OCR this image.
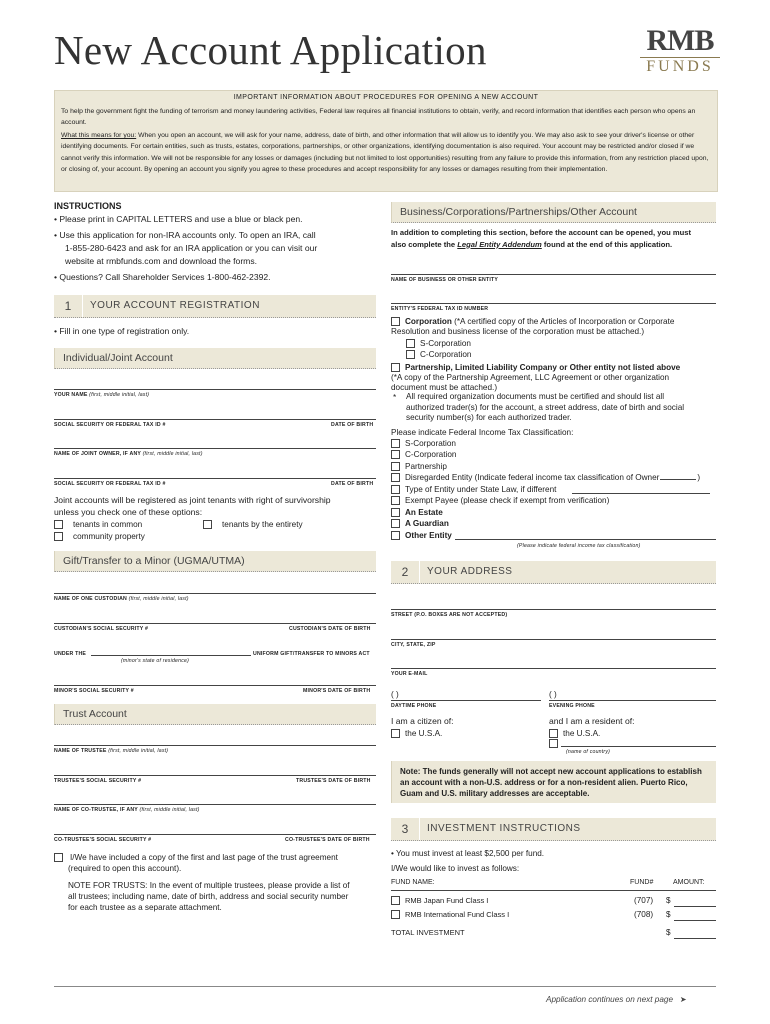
New Account Application	RMB
FUNDS
IMPORTANT INFORMATION ABOUT PROCEDURES FOR OPENING A NEW ACCOUNT
To help the government fight the funding of terrorism and money laundering activities, Federal law requires all financial institutions to obtain, verify, and record information that identifies each person who opens an account.
What this means for you: When you open an account, we will ask for your name, address, date of birth, and other information that will allow us to identify you. We may also ask to see your driver's license or other identifying documents. For certain entities, such as trusts, estates, corporations, partnerships, or other organizations, identifying documentation is also required. Your account may be restricted and/or closed if we cannot verify this information. We will not be responsible for any losses or damages (including but not limited to lost opportunities) resulting from any failure to provide this information, from any restriction placed upon, or closing of, your account. By opening an account you signify you agree to these procedures and accept responsibility for any losses or damages resulting from their implementation.
INSTRUCTIONS
• Please print in CAPITAL LETTERS and use a blue or black pen.
• Use this application for non-IRA accounts only. To open an IRA, call
1-855-280-6423 and ask for an IRA application or you can visit our
website at rmbfunds.com and download the forms.
• Questions? Call Shareholder Services 1-800-462-2392.
1	YOUR ACCOUNT REGISTRATION
• Fill in one type of registration only.
Individual/Joint Account
YOUR NAME (first, middle initial, last)
SOCIAL SECURITY OR FEDERAL TAX ID #	DATE OF BIRTH
NAME OF JOINT OWNER, IF ANY (first, middle initial, last)
SOCIAL SECURITY OR FEDERAL TAX ID #	DATE OF BIRTH
Joint accounts will be registered as joint tenants with right of survivorship
unless you check one of these options:
tenants in common	tenants by the entirety
community property
Gift/Transfer to a Minor (UGMA/UTMA)
NAME OF ONE CUSTODIAN (first, middle initial, last)
CUSTODIAN'S SOCIAL SECURITY #	CUSTODIAN'S DATE OF BIRTH
UNDER THE	UNIFORM GIFT/TRANSFER TO MINORS ACT
(minor's state of residence)
MINOR'S SOCIAL SECURITY #	MINOR'S DATE OF BIRTH
Trust Account
NAME OF TRUSTEE (first, middle initial, last)
TRUSTEE'S SOCIAL SECURITY #	TRUSTEE'S DATE OF BIRTH
NAME OF CO-TRUSTEE, IF ANY (first, middle initial, last)
CO-TRUSTEE'S SOCIAL SECURITY #	CO-TRUSTEE'S DATE OF BIRTH
I/We have included a copy of the first and last page of the trust agreement
(required to open this account).
NOTE FOR TRUSTS: In the event of multiple trustees, please provide a list of
all trustees; including name, date of birth, address and social security number
for each trustee as a separate attachment.
Business/Corporations/Partnerships/Other Account
In addition to completing this section, before the account can be opened, you must
also complete the Legal Entity Addendum found at the end of this application.
NAME OF BUSINESS OR OTHER ENTITY
ENTITY'S FEDERAL TAX ID NUMBER
Corporation (*A certified copy of the Articles of Incorporation or Corporate
Resolution and business license of the corporation must be attached.)
S-Corporation
C-Corporation
Partnership, Limited Liability Company or Other entity not listed above
(*A copy of the Partnership Agreement, LLC Agreement or other organization
document must be attached.)
* All required organization documents must be certified and should list all
authorized trader(s) for the account, a street address, date of birth and social
security number(s) for each authorized trader.
Please indicate Federal Income Tax Classification:
S-Corporation
C-Corporation
Partnership
Disregarded Entity (Indicate federal income tax classification of Owner	)
Type of Entity under State Law, if different
Exempt Payee (please check if exempt from verification)
An Estate
A Guardian
Other Entity
(Please indicate federal income tax classification)
2	YOUR ADDRESS
STREET (P.O. BOXES ARE NOT ACCEPTED)
CITY, STATE, ZIP
YOUR E-MAIL
( )
DAYTIME PHONE
( )
EVENING PHONE
I am a citizen of:	and I am a resident of:
the U.S.A.	the U.S.A.
(name of country)
Note: The funds generally will not accept new account applications to establish an account with a non-U.S. address or for a non-resident alien. Puerto Rico, Guam and U.S. military addresses are acceptable.
3	INVESTMENT INSTRUCTIONS
• You must invest at least $2,500 per fund.
I/We would like to invest as follows:
FUND NAME:	FUND#	AMOUNT:
RMB Japan Fund Class I	(707) $
RMB International Fund Class I	(708) $
TOTAL INVESTMENT	$
Application continues on next page ➤
